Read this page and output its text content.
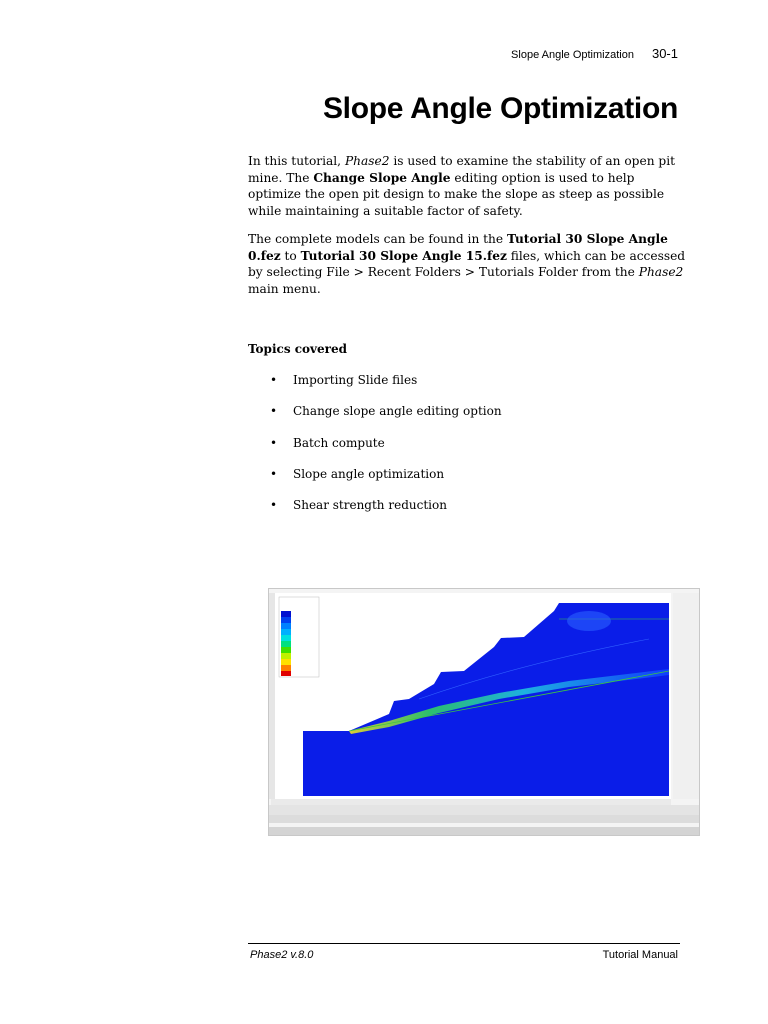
Slope Angle Optimization 30-1
Slope Angle Optimization

In this tutorial, Phase2 is used to examine the stability of an open pit mine. The Change Slope Angle editing option is used to help optimize the open pit design to make the slope as steep as possible while maintaining a suitable factor of safety.

The complete models can be found in the Tutorial 30 Slope Angle 0.fez to Tutorial 30 Slope Angle 15.fez files, which can be accessed by selecting File > Recent Folders > Tutorials Folder from the Phase2 main menu.

Topics covered

• Importing Slide files
• Change slope angle editing option
• Batch compute
• Slope angle optimization
• Shear strength reduction
Phase2 v.8.0	Tutorial Manual
